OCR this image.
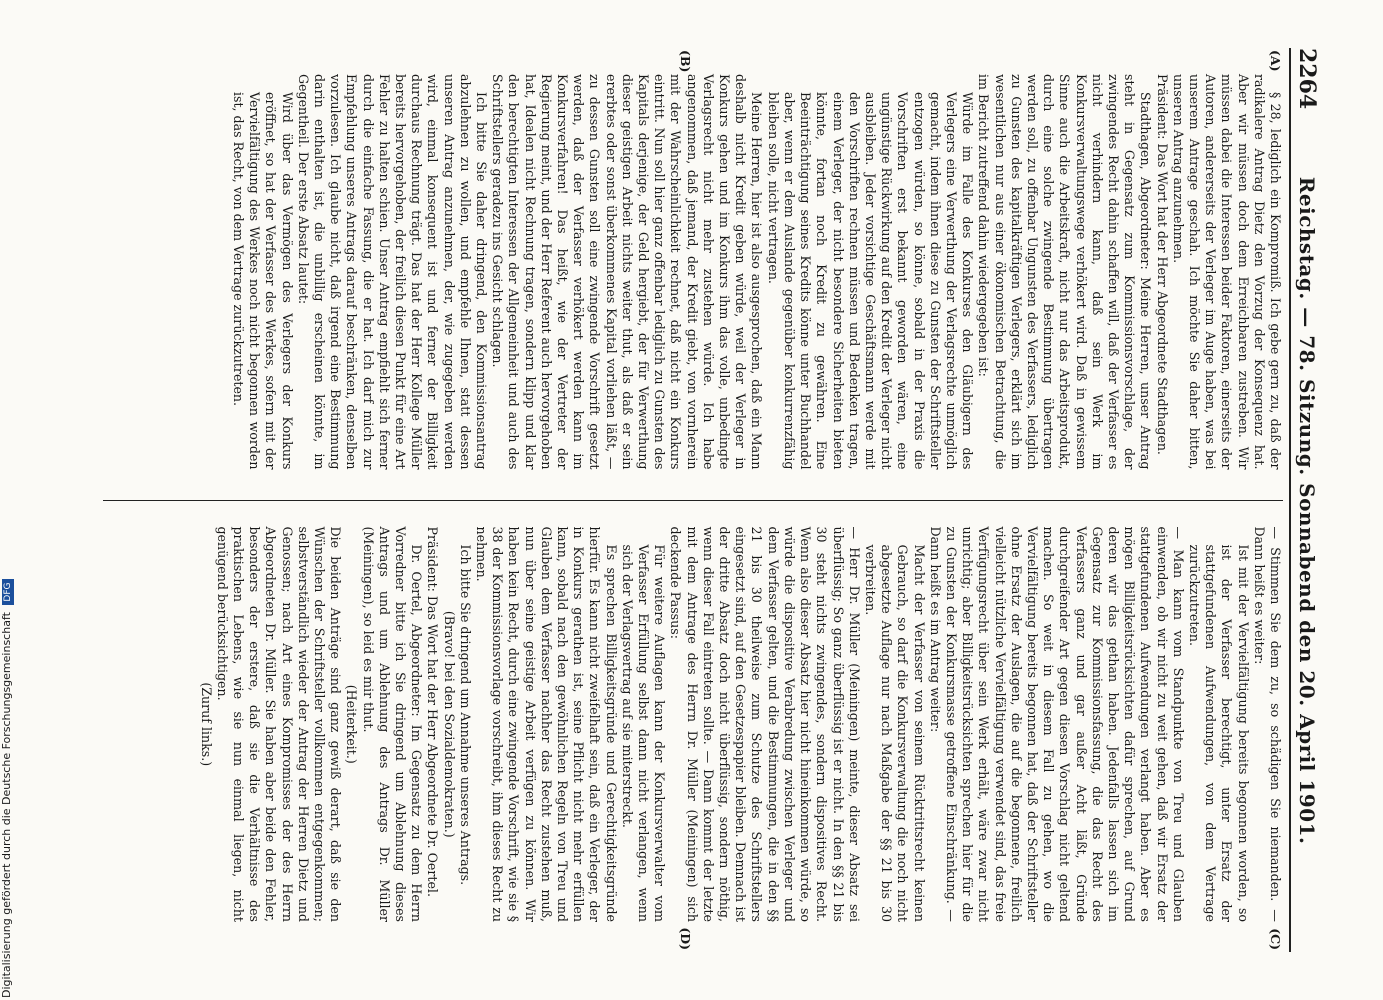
2264
Reichstag. — 78. Sitzung. Sonnabend den 20. April 1901.
(A)
(B)

§ 28, lediglich ein Kompromiß. Ich gebe gern zu, daß der radikalere Antrag Dietz den Vorzug der Konsequenz hat. Aber wir müssen doch dem Erreichbaren zustreben. Wir müssen dabei die Interessen beider Faktoren, einerseits der Autoren, andererseits der Verleger im Auge haben, was bei unserem Antrage geschah. Ich möchte Sie daher bitten, unseren Antrag anzunehmen.

Präsident: Das Wort hat der Herr Abgeordnete Stadthagen.

Stadthagen, Abgeordneter: Meine Herren, unser Antrag steht in Gegensatz zum Kommissionsvorschlage, der zwingendes Recht dahin schaffen will, daß der Verfasser es nicht verhindern kann, daß sein Werk im Konkursverwaltungswege verhökert wird. Daß in gewissem Sinne auch die Arbeitskraft, nicht nur das Arbeitsprodukt, durch eine solche zwingende Bestimmung übertragen werden soll, zu offenbar Ungunsten des Verfassers, lediglich zu Gunsten des kapitalkräftigen Verlegers, erklärt sich im wesentlichen nur aus einer ökonomischen Betrachtung, die im Bericht zutreffend dahin wiedergegeben ist:

Würde im Falle des Konkurses den Gläubigern des Verlegers eine Verwerthung der Verlagsrechte unmöglich gemacht, indem ihnen diese zu Gunsten der Schriftsteller entzogen würden, so könne, sobald in der Praxis die Vorschriften erst bekannt geworden wären, eine ungünstige Rückwirkung auf den Kredit der Verleger nicht ausbleiben. Jeder vorsichtige Geschäftsmann werde mit den Vorschriften rechnen müssen und Bedenken tragen, einem Verleger, der nicht besondere Sicherheiten bieten könnte, fortan noch Kredit zu gewähren. Eine Beeinträchtigung seines Kredits könne unter Buchhandel aber, wenn er dem Auslande gegenüber konkurrenzfähig bleiben solle, nicht vertragen.

Meine Herren, hier ist also ausgesprochen, daß ein Mann deshalb nicht Kredit geben würde, weil der Verleger in Konkurs gehen und im Konkurs ihm das volle, unbedingte Verlagsrecht nicht mehr zustehen würde. Ich habe angenommen, daß jemand, der Kredit giebt, von vornherein mit der Wahrscheinlichkeit rechnet, daß nicht ein Konkurs eintritt. Nun soll hier ganz offenbar lediglich zu Gunsten des Kapitals derjenige, der Geld hergiebt, der für Verwerthung dieser geistigen Arbeit nichts weiter thut, als daß er sein ererbtes oder sonst überkommenes Kapital vorliehen läßt, — zu dessen Gunsten soll eine zwingende Vorschrift gesetzt werden, daß der Verfasser verhökert werden kann im Konkursverfahren! Das heißt, wie der Vertreter der Regierung meint, und der Herr Referent auch hervorgehoben hat, Idealen nicht Rechnung tragen, sondern klipp und klar den berechtigten Interessen der Allgemeinheit und auch des Schriftstellers geradezu ins Gesicht schlagen.

Ich bitte Sie daher dringend, den Kommissionsantrag abzulehnen zu wollen, und empfehle Ihnen, statt dessen unseren Antrag anzunehmen, der, wie zugegeben werden wird, einmal konsequent ist und ferner der Billigkeit durchaus Rechnung trägt. Das hat der Herr Kollege Müller bereits hervorgehoben, der freilich diesen Punkt für eine Art Fehler zu halten schien. Unser Antrag empfiehlt sich ferner durch die einfache Fassung, die er hat. Ich darf mich zur Empfehlung unseres Antrags darauf beschränken, denselben vorzulesen. Ich glaube nicht, daß irgend eine Bestimmung darin enthalten ist, die unbillig erscheinen könnte, im Gegentheil. Der erste Absatz lautet:

Wird über das Vermögen des Verlegers der Konkurs eröffnet, so hat der Verfasser des Werkes, sofern mit der Vervielfältigung des Werkes noch nicht begonnen worden ist, das Recht, von dem Vertrage zurückzutreten.

(C)
(D)

— Stimmen Sie dem zu, so schädigen Sie niemanden. — Dann heißt es weiter:

Ist mit der Vervielfältigung bereits begonnen worden, so ist der Verfasser berechtigt, unter Ersatz der stattgefundenen Aufwendungen, von dem Vertrage zurückzutreten.

— Man kann vom Standpunkte von Treu und Glauben einwenden, ob wir nicht zu weit gehen, daß wir Ersatz der stattgefundenen Aufwendungen verlangt haben. Aber es mögen Billigkeitsrücksichten dafür sprechen, auf Grund deren wir das gethan haben. Jedenfalls lassen sich im Gegensatz zur Kommissionsfassung, die das Recht des Verfassers ganz und gar außer Acht läßt, Gründe durchgreifender Art gegen diesen Vorschlag nicht geltend machen. So weit in diesem Fall zu gehen, wo die Vervielfältigung bereits begonnen hat, daß der Schriftsteller ohne Ersatz der Auslagen, die auf die begonnene, freilich vielleicht nützliche Vervielfältigung verwendet sind, das freie Verfügungsrecht über sein Werk erhält, wäre zwar nicht unrichtig; aber Billigkeitsrücksichten sprechen hier für die zu Gunsten der Konkursmasse getroffene Einschränkung. — Dann heißt es im Antrag weiter:

Macht der Verfasser von seinem Rücktrittsrecht keinen Gebrauch, so darf die Konkursverwaltung die noch nicht abgesetzte Auflage nur nach Maßgabe der §§ 21 bis 30 verbreiten.

— Herr Dr. Müller (Meiningen) meinte, dieser Absatz sei überflüssig; So ganz überflüssig ist er nicht. In den §§ 21 bis 30 steht nichts zwingendes, sondern dispositives Recht. Wenn also dieser Absatz hier nicht hineinkommen würde, so würde die dispositive Verabredung zwischen Verleger und dem Verfasser gelten, und die Bestimmungen, die in den §§ 21 bis 30 theilweise zum Schutze des Schriftstellers eingesetzt sind, auf den Gesetzespapier bleiben. Demnach ist der dritte Absatz doch nicht überflüssig, sondern nöthig, wenn dieser Fall eintreten sollte. — Dann kommt der letzte mit dem Antrage des Herrn Dr. Müller (Meiningen) sich deckende Passus:

Für weitere Auflagen kann der Konkursverwalter vom Verfasser Erfüllung selbst dann nicht verlangen, wenn sich der Verlagsvertrag auf sie miterstreckt.

Es sprechen Billigkeitsgründe und Gerechtigkeitsgründe hierfür. Es kann nicht zweifelhaft sein, daß ein Verleger, der in Konkurs gerathen ist, seine Pflicht nicht mehr erfüllen kann, sobald nach den gewöhnlichen Regeln von Treu und Glauben dem Verfasser nachher das Recht zustehen muß, nun über seine geistige Arbeit verfügen zu können. Wir haben kein Recht, durch eine zwingende Vorschrift, wie sie § 38 der Kommissionsvorlage vorschreibt, ihm dieses Recht zu nehmen.

Ich bitte Sie dringend um Annahme unseres Antrags.

(Bravo! bei den Sozialdemokraten.)

Präsident: Das Wort hat der Herr Abgeordnete Dr. Oertel.

Dr. Oertel, Abgeordneter: Im Gegensatz zu dem Herrn Vorredner bitte ich Sie dringend um Ablehnung dieses Antrags und um Ablehnung des Antrags Dr. Müller (Meiningen), so leid es mir thut.

(Heiterkeit.)

Die beiden Anträge sind ganz gewiß derart, daß sie den Wünschen der Schriftsteller vollkommen entgegenkommen; selbstverständlich wieder der Antrag der Herren Dietz und Genossen; nach Art eines Kompromisses der des Herrn Abgeordneten Dr. Müller. Sie haben aber beide den Fehler, besonders der erstere, daß sie die Verhältnisse des praktischen Lebens, wie sie nun einmal liegen, nicht genügend berücksichtigen.

(Zuruf links.)

Digitalisierung gefördert durch die Deutsche Forschungsgemeinschaft DFG
